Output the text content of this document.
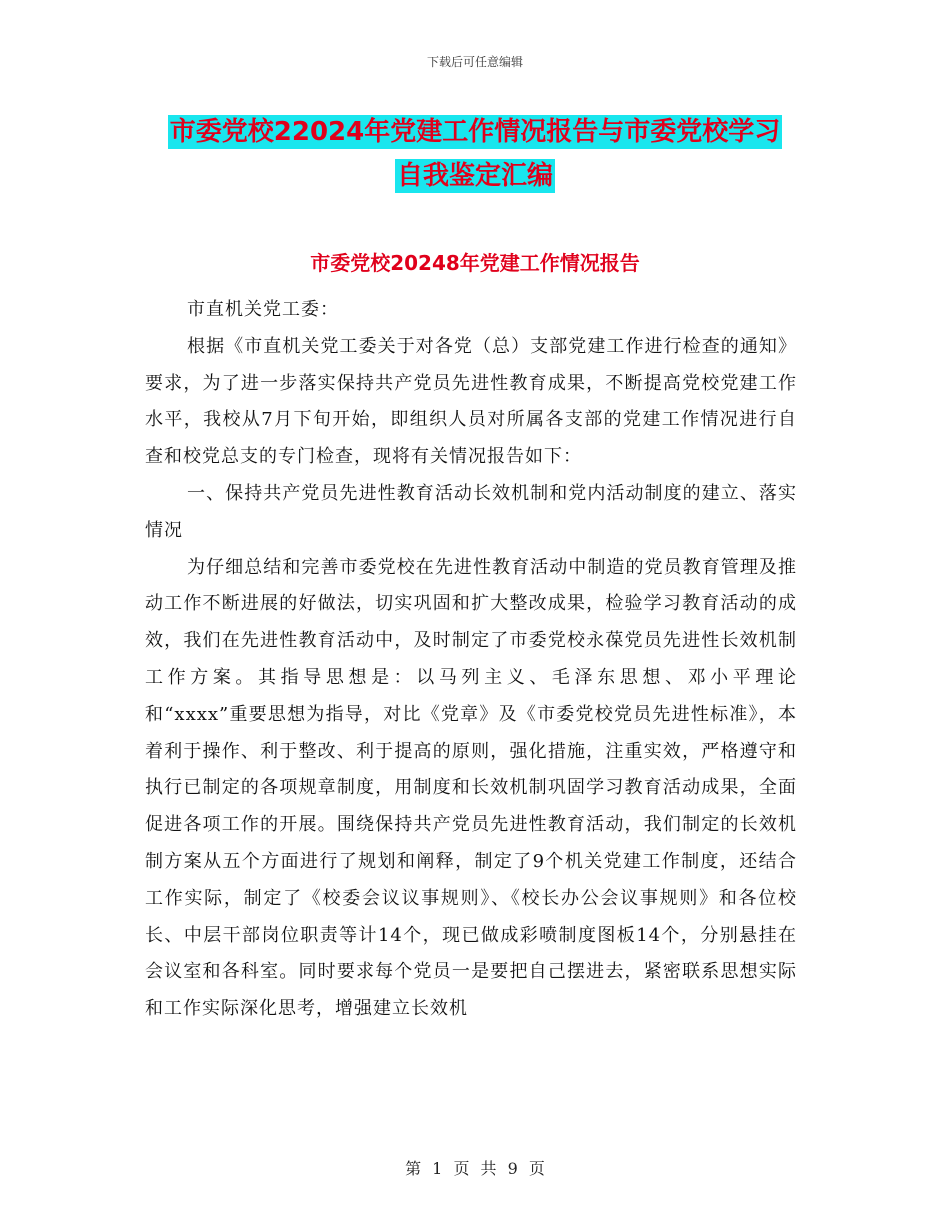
下载后可任意编辑
市委党校22024年党建工作情况报告与市委党校学习
自我鉴定汇编
市委党校20248年党建工作情况报告

市直机关党工委：

根据《市直机关党工委关于对各党（总）支部党建工作进行检查的通知》要求，为了进一步落实保持共产党员先进性教育成果，不断提高党校党建工作水平，我校从7月下旬开始，即组织人员对所属各支部的党建工作情况进行自查和校党总支的专门检查，现将有关情况报告如下：

一、保持共产党员先进性教育活动长效机制和党内活动制度的建立、落实情况

为仔细总结和完善市委党校在先进性教育活动中制造的党员教育管理及推动工作不断进展的好做法，切实巩固和扩大整改成果，检验学习教育活动的成效，我们在先进性教育活动中，及时制定了市委党校永葆党员先进性长效机制工作方案。其指导思想是：以马列主义、毛泽东思想、邓小平理论和“xxxx”重要思想为指导，对比《党章》及《市委党校党员先进性标准》，本着利于操作、利于整改、利于提高的原则，强化措施，注重实效，严格遵守和执行已制定的各项规章制度，用制度和长效机制巩固学习教育活动成果，全面促进各项工作的开展。围绕保持共产党员先进性教育活动，我们制定的长效机制方案从五个方面进行了规划和阐释，制定了9个机关党建工作制度，还结合工作实际，制定了《校委会议议事规则》、《校长办公会议事规则》和各位校长、中层干部岗位职责等计14个，现已做成彩喷制度图板14个，分别悬挂在会议室和各科室。同时要求每个党员一是要把自己摆进去，紧密联系思想实际和工作实际深化思考，增强建立长效机

第 1 页 共 9 页
